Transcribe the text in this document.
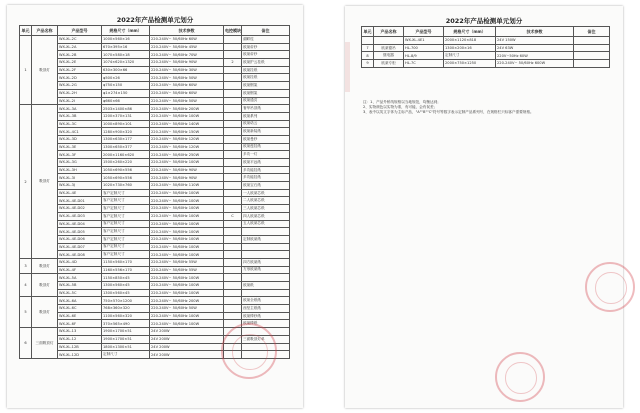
2022年产品检测单元划分
单元	产品名称	产品型号	规格尺寸（mm）	技术参数	电控模块	备注
1	吸顶灯	WX-XL-2C	1000×560×16	220-240V~ 50/60Hz 60W		湖畔柱
		WX-XL-2A	670×395×16	220-240V~ 50/60Hz 45W		欧莱帝纱
		WX-XL-2B	1070×580×18	220-240V~ 50/60Hz 70W		欧莱帝纱
		WX-XL-2E	1074×620×1320	220-240V~ 50/60Hz 90W	2	欧莱护云挂纸
		WX-XL-2F	630×300×66	220-240V~ 50/60Hz 30W		欧莱挂纸
		WX-XL-2D	φ500×26	220-240V~ 50/60Hz 50W		欧莱挂纸
		WX-XL-2G	φ750×150	220-240V~ 50/60Hz 60W		欧莱钢架
		WX-XL-2H	φ1×274×150	220-240V~ 50/60Hz 60W		欧莱钢架
		WX-XL-2I	φ660×66	220-240V~ 50/60Hz 50W		欧莱通页
2	吸顶灯	WX-XL-3A	2503×1400×86	220-240V~ 50/60Hz 200W		奢华吊顶纸
		WX-XL-3B	1200×370×131	220-240V~ 50/60Hz 100W		欧莱系列
		WX-XL-3C	1000×890×101	220-240V~ 50/60Hz 140W		欧莱诺云
		WX-XL-4C1	1280×900×320	220-240V~ 50/60Hz 150W		欧莱新装纸
		WX-XL-3D	1300×630×177	220-240V~ 50/60Hz 120W		欧莱曼纱
		WX-XL-3E	1300×650×377	220-240V~ 50/60Hz 120W		欧莱莲挂纸
		WX-XL-3F	2000×1160×620	220-240V~ 50/60Hz 250W		多功一灯
		WX-XL-3G	1500×260×220	220-240V~ 50/60Hz 100W		欧莱平远纸
		WX-XL-3H	1050×690×556	220-240V~ 50/60Hz 90W		多功能挂纸
		WX-XL-3I	1050×690×556	220-240V~ 50/60Hz 90W		多功能挂纸
		WX-XL-3J	1020×730×760	220-240V~ 50/60Hz 110W		欧莱宝石纸
		WX-XL-4E	客户定制尺寸	220-240V~ 50/60Hz 100W		一人欧莱芯纸
		WX-XL-4E-D01	客户定制尺寸	220-240V~ 50/60Hz 100W		二人欧莱芯纸
		WX-XL-4E-D02	客户定制尺寸	220-240V~ 50/60Hz 100W		三人欧莱芯纸
		WX-XL-4E-D03	客户定制尺寸	220-240V~ 50/60Hz 100W	C	四人欧莱芯纸
		WX-XL-4E-D04	客户定制尺寸	220-240V~ 50/60Hz 100W		五人欧莱芯纸
		WX-XL-4E-D05	客户定制尺寸	220-240V~ 50/60Hz 100W		
		WX-XL-4E-D06	客户定制尺寸	220-240V~ 50/60Hz 100W		定制欧莱纸
		WX-XL-4E-D07	客户定制尺寸	220-240V~ 50/60Hz 100W		
		WX-XL-4E-D08	客户定制尺寸	220-240V~ 50/60Hz 100W		
3	吸顶灯	WX-XL-4D	1150×560×170	220-240V~ 50/60Hz 55W		四方欧莱纸
		WX-XL-4F	1160×556×170	220-240V~ 50/60Hz 55W		方形欧莱纸
4	吸顶灯	WX-XL-5A	1150×850×45	220-240V~ 50/60Hz 100W		
		WX-XL-5B	1300×560×45	220-240V~ 50/60Hz 100W		欧莱纸
		WX-XL-5C	1300×560×45	220-240V~ 50/60Hz 100W		
5	吸顶灯	WX-XL-6A	750×570×1200	220-240V~ 50/60Hz 200W		欧莱全纸纸
		WX-XL-6C	768×360×320	220-240V~ 50/60Hz 50W		西坚主纸纸
		WX-XL-6E	1100×560×320	220-240V~ 50/60Hz 100W		欧莱棒纱纸
		WX-XL-6F	370×565×490	220-240V~ 50/60Hz 100W		欧莱棒纸
6	三面吸顶灯	WX-XL-13	1900×1700×51	24V 200W		
		WX-XL-12	1900×1700×51	24V 200W		三面吸顶灯单
		WX-XL-12B	1800×1300×51	24V 200W		
		WX-XL-12D	定制尺寸	24V 200W		
2022年产品检测单元划分
单元	产品名称	产品型号	规格尺寸（mm）	技术参数	备注
		WX-XL-4E1	2000×1120×818	24V 150W	
7	欧莱德吊	HL-700	1300×200×16	24V 63W	
8	继电器	HL-8/9	定制尺寸	220V~50Hz 60W	
9	欧莱专柜	HL-7C	2000×750×1250	220-240V~ 50/60Hz 600W	
注：1、产品外桥线规格以当地规范，均衡达到；
2、实物颜色以实物为准，有可能，会有误差；
3、表中以英文字体为主标产品，"A""B""C"符号等数字表示定制产品系列号，在规格栏只标客户需要规格。
